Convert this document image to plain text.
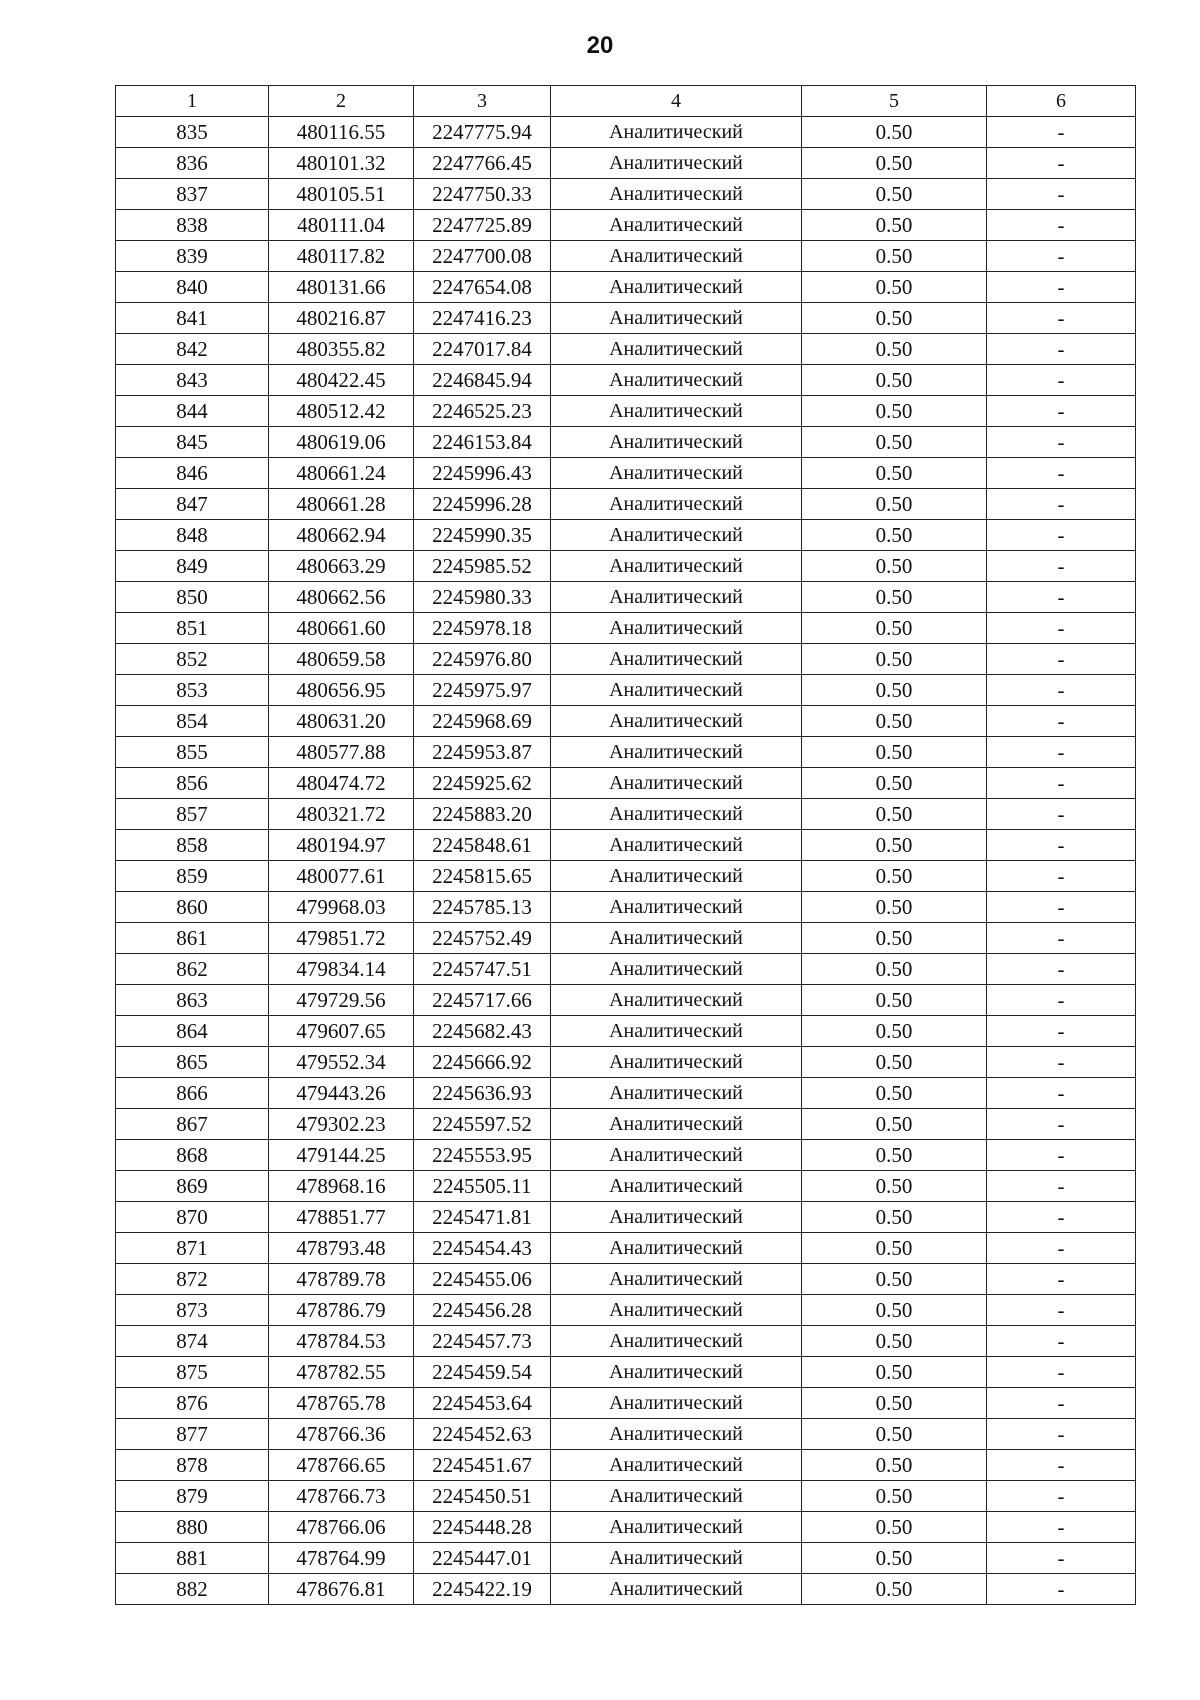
20
1	2	3	4	5	6
835	480116.55	2247775.94	Аналитический	0.50	-
836	480101.32	2247766.45	Аналитический	0.50	-
837	480105.51	2247750.33	Аналитический	0.50	-
838	480111.04	2247725.89	Аналитический	0.50	-
839	480117.82	2247700.08	Аналитический	0.50	-
840	480131.66	2247654.08	Аналитический	0.50	-
841	480216.87	2247416.23	Аналитический	0.50	-
842	480355.82	2247017.84	Аналитический	0.50	-
843	480422.45	2246845.94	Аналитический	0.50	-
844	480512.42	2246525.23	Аналитический	0.50	-
845	480619.06	2246153.84	Аналитический	0.50	-
846	480661.24	2245996.43	Аналитический	0.50	-
847	480661.28	2245996.28	Аналитический	0.50	-
848	480662.94	2245990.35	Аналитический	0.50	-
849	480663.29	2245985.52	Аналитический	0.50	-
850	480662.56	2245980.33	Аналитический	0.50	-
851	480661.60	2245978.18	Аналитический	0.50	-
852	480659.58	2245976.80	Аналитический	0.50	-
853	480656.95	2245975.97	Аналитический	0.50	-
854	480631.20	2245968.69	Аналитический	0.50	-
855	480577.88	2245953.87	Аналитический	0.50	-
856	480474.72	2245925.62	Аналитический	0.50	-
857	480321.72	2245883.20	Аналитический	0.50	-
858	480194.97	2245848.61	Аналитический	0.50	-
859	480077.61	2245815.65	Аналитический	0.50	-
860	479968.03	2245785.13	Аналитический	0.50	-
861	479851.72	2245752.49	Аналитический	0.50	-
862	479834.14	2245747.51	Аналитический	0.50	-
863	479729.56	2245717.66	Аналитический	0.50	-
864	479607.65	2245682.43	Аналитический	0.50	-
865	479552.34	2245666.92	Аналитический	0.50	-
866	479443.26	2245636.93	Аналитический	0.50	-
867	479302.23	2245597.52	Аналитический	0.50	-
868	479144.25	2245553.95	Аналитический	0.50	-
869	478968.16	2245505.11	Аналитический	0.50	-
870	478851.77	2245471.81	Аналитический	0.50	-
871	478793.48	2245454.43	Аналитический	0.50	-
872	478789.78	2245455.06	Аналитический	0.50	-
873	478786.79	2245456.28	Аналитический	0.50	-
874	478784.53	2245457.73	Аналитический	0.50	-
875	478782.55	2245459.54	Аналитический	0.50	-
876	478765.78	2245453.64	Аналитический	0.50	-
877	478766.36	2245452.63	Аналитический	0.50	-
878	478766.65	2245451.67	Аналитический	0.50	-
879	478766.73	2245450.51	Аналитический	0.50	-
880	478766.06	2245448.28	Аналитический	0.50	-
881	478764.99	2245447.01	Аналитический	0.50	-
882	478676.81	2245422.19	Аналитический	0.50	-
